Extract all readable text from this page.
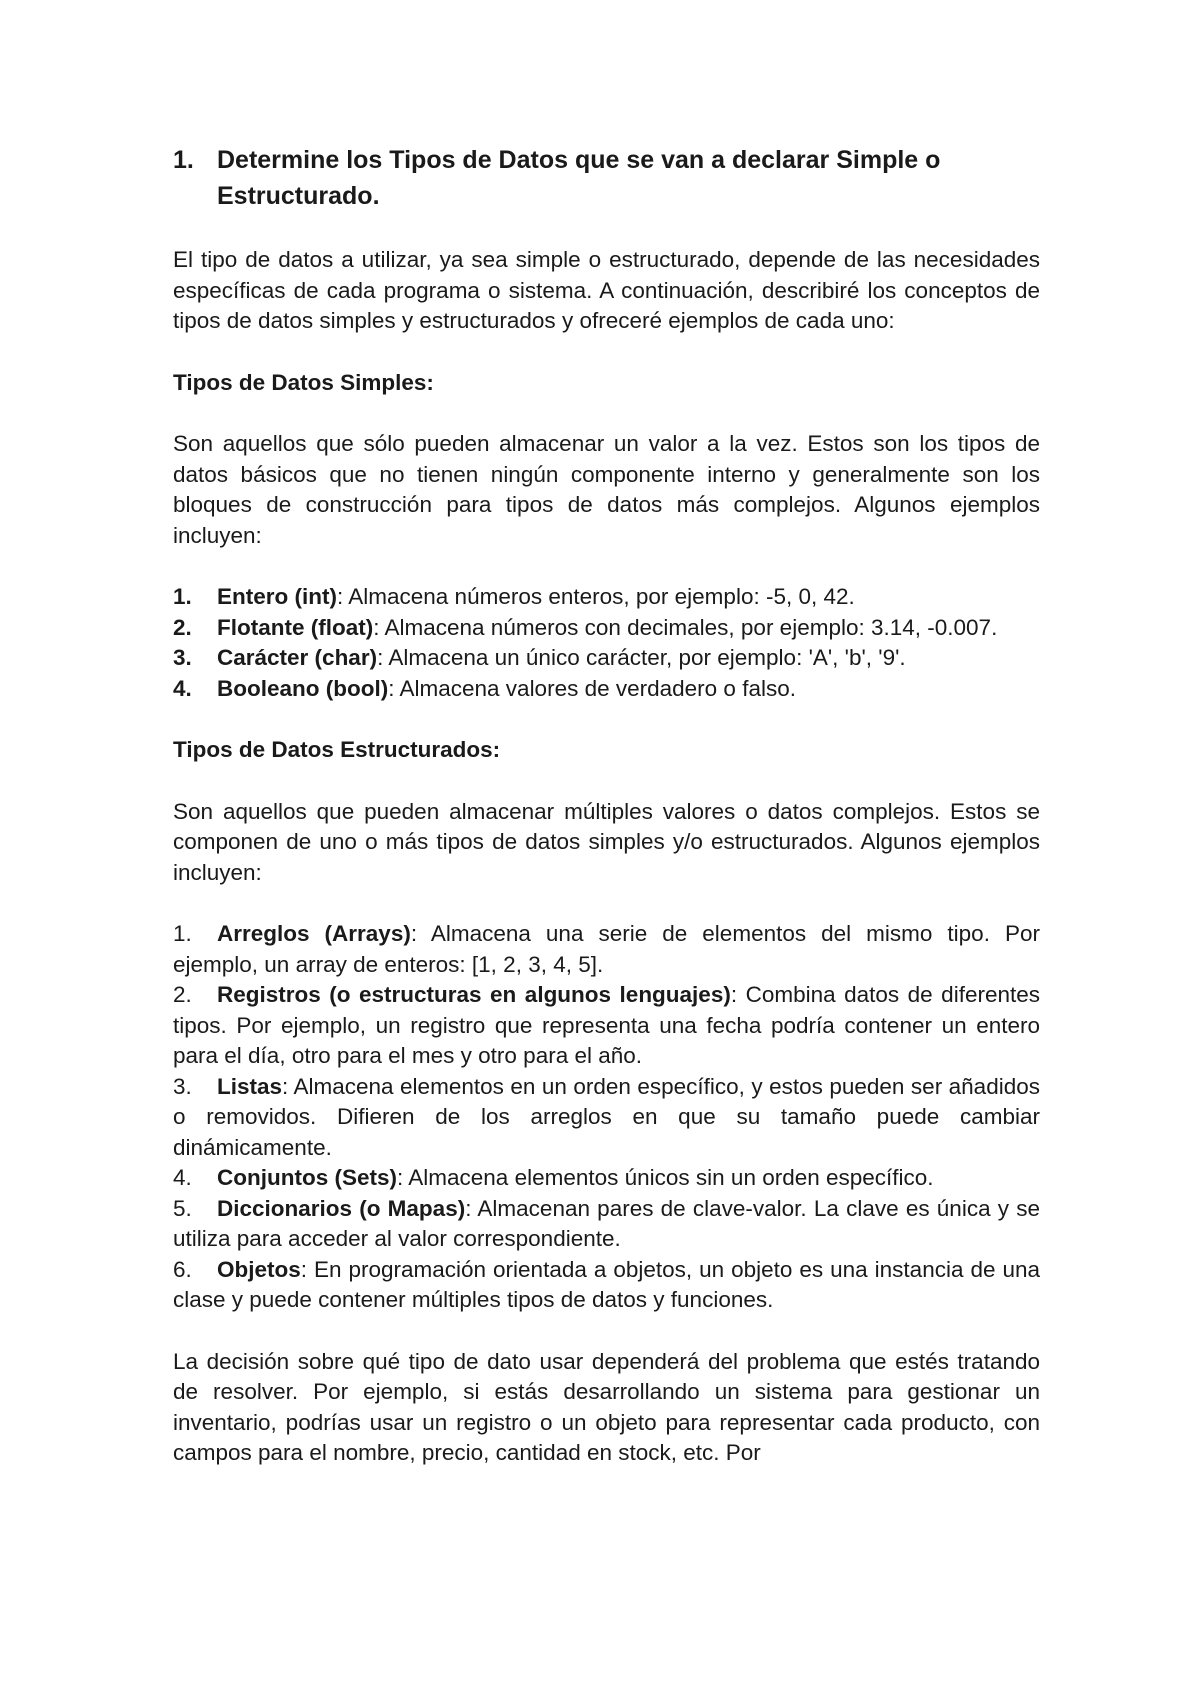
1. Determine los Tipos de Datos que se van a declarar Simple o Estructurado.

El tipo de datos a utilizar, ya sea simple o estructurado, depende de las necesidades específicas de cada programa o sistema. A continuación, describiré los conceptos de tipos de datos simples y estructurados y ofreceré ejemplos de cada uno:

Tipos de Datos Simples:

Son aquellos que sólo pueden almacenar un valor a la vez. Estos son los tipos de datos básicos que no tienen ningún componente interno y generalmente son los bloques de construcción para tipos de datos más complejos. Algunos ejemplos incluyen:

1. Entero (int): Almacena números enteros, por ejemplo: -5, 0, 42.
2. Flotante (float): Almacena números con decimales, por ejemplo: 3.14, -0.007.
3. Carácter (char): Almacena un único carácter, por ejemplo: 'A', 'b', '9'.
4. Booleano (bool): Almacena valores de verdadero o falso.

Tipos de Datos Estructurados:

Son aquellos que pueden almacenar múltiples valores o datos complejos. Estos se componen de uno o más tipos de datos simples y/o estructurados. Algunos ejemplos incluyen:

1. Arreglos (Arrays): Almacena una serie de elementos del mismo tipo. Por ejemplo, un array de enteros: [1, 2, 3, 4, 5].
2. Registros (o estructuras en algunos lenguajes): Combina datos de diferentes tipos. Por ejemplo, un registro que representa una fecha podría contener un entero para el día, otro para el mes y otro para el año.
3. Listas: Almacena elementos en un orden específico, y estos pueden ser añadidos o removidos. Difieren de los arreglos en que su tamaño puede cambiar dinámicamente.
4. Conjuntos (Sets): Almacena elementos únicos sin un orden específico.
5. Diccionarios (o Mapas): Almacenan pares de clave-valor. La clave es única y se utiliza para acceder al valor correspondiente.
6. Objetos: En programación orientada a objetos, un objeto es una instancia de una clase y puede contener múltiples tipos de datos y funciones.

La decisión sobre qué tipo de dato usar dependerá del problema que estés tratando de resolver. Por ejemplo, si estás desarrollando un sistema para gestionar un inventario, podrías usar un registro o un objeto para representar cada producto, con campos para el nombre, precio, cantidad en stock, etc. Por
